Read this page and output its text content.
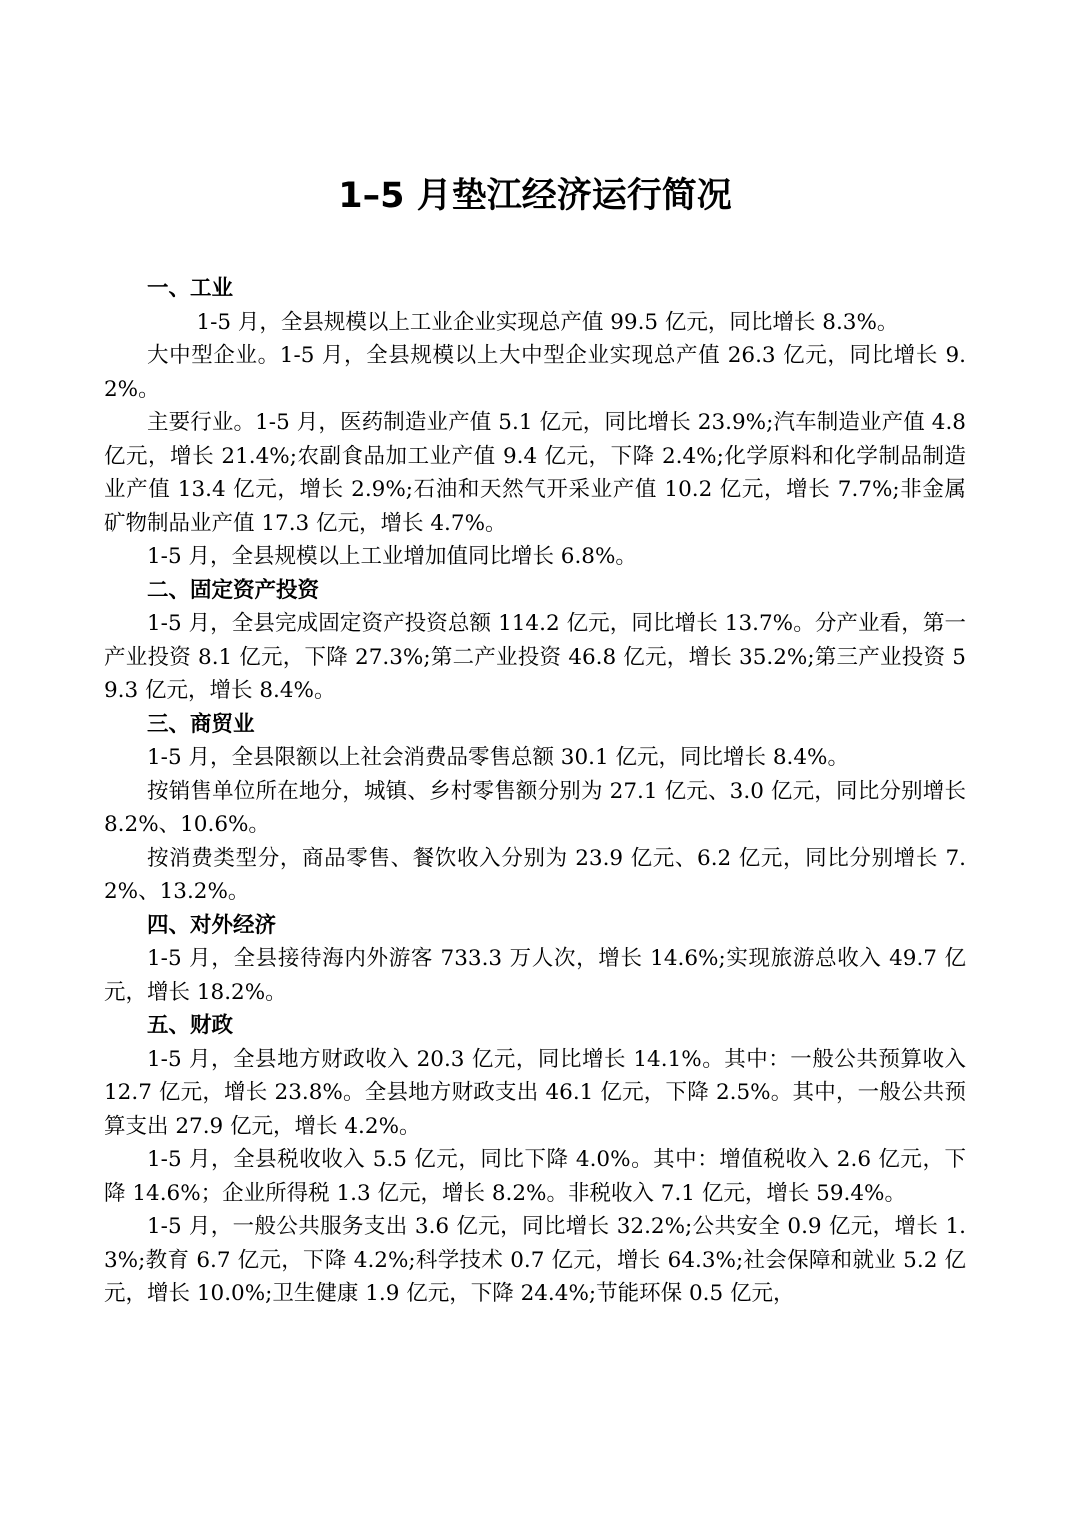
1–5 月垫江经济运行简况
一、工业

1-5 月，全县规模以上工业企业实现总产值 99.5 亿元，同比增长 8.3%。

大中型企业。1-5 月，全县规模以上大中型企业实现总产值 26.3 亿元，同比增长 9.2%。

主要行业。1-5 月，医药制造业产值 5.1 亿元，同比增长 23.9%;汽车制造业产值 4.8 亿元，增长 21.4%;农副食品加工业产值 9.4 亿元，下降 2.4%;化学原料和化学制品制造业产值 13.4 亿元，增长 2.9%;石油和天然气开采业产值 10.2 亿元，增长 7.7%;非金属矿物制品业产值 17.3 亿元，增长 4.7%。

1-5 月，全县规模以上工业增加值同比增长 6.8%。

二、固定资产投资

1-5 月，全县完成固定资产投资总额 114.2 亿元，同比增长 13.7%。分产业看，第一产业投资 8.1 亿元，下降 27.3%;第二产业投资 46.8 亿元，增长 35.2%;第三产业投资 59.3 亿元，增长 8.4%。

三、商贸业

1-5 月，全县限额以上社会消费品零售总额 30.1 亿元，同比增长 8.4%。

按销售单位所在地分，城镇、乡村零售额分别为 27.1 亿元、3.0 亿元，同比分别增长 8.2%、10.6%。

按消费类型分，商品零售、餐饮收入分别为 23.9 亿元、6.2 亿元，同比分别增长 7.2%、13.2%。

四、对外经济

1-5 月，全县接待海内外游客 733.3 万人次，增长 14.6%;实现旅游总收入 49.7 亿元，增长 18.2%。

五、财政

1-5 月，全县地方财政收入 20.3 亿元，同比增长 14.1%。其中：一般公共预算收入 12.7 亿元，增长 23.8%。全县地方财政支出 46.1 亿元，下降 2.5%。其中，一般公共预算支出 27.9 亿元，增长 4.2%。

1-5 月，全县税收收入 5.5 亿元，同比下降 4.0%。其中：增值税收入 2.6 亿元，下降 14.6%；企业所得税 1.3 亿元，增长 8.2%。非税收入 7.1 亿元，增长 59.4%。

1-5 月，一般公共服务支出 3.6 亿元，同比增长 32.2%;公共安全 0.9 亿元，增长 1.3%;教育 6.7 亿元，下降 4.2%;科学技术 0.7 亿元，增长 64.3%;社会保障和就业 5.2 亿元，增长 10.0%;卫生健康 1.9 亿元，下降 24.4%;节能环保 0.5 亿元，
